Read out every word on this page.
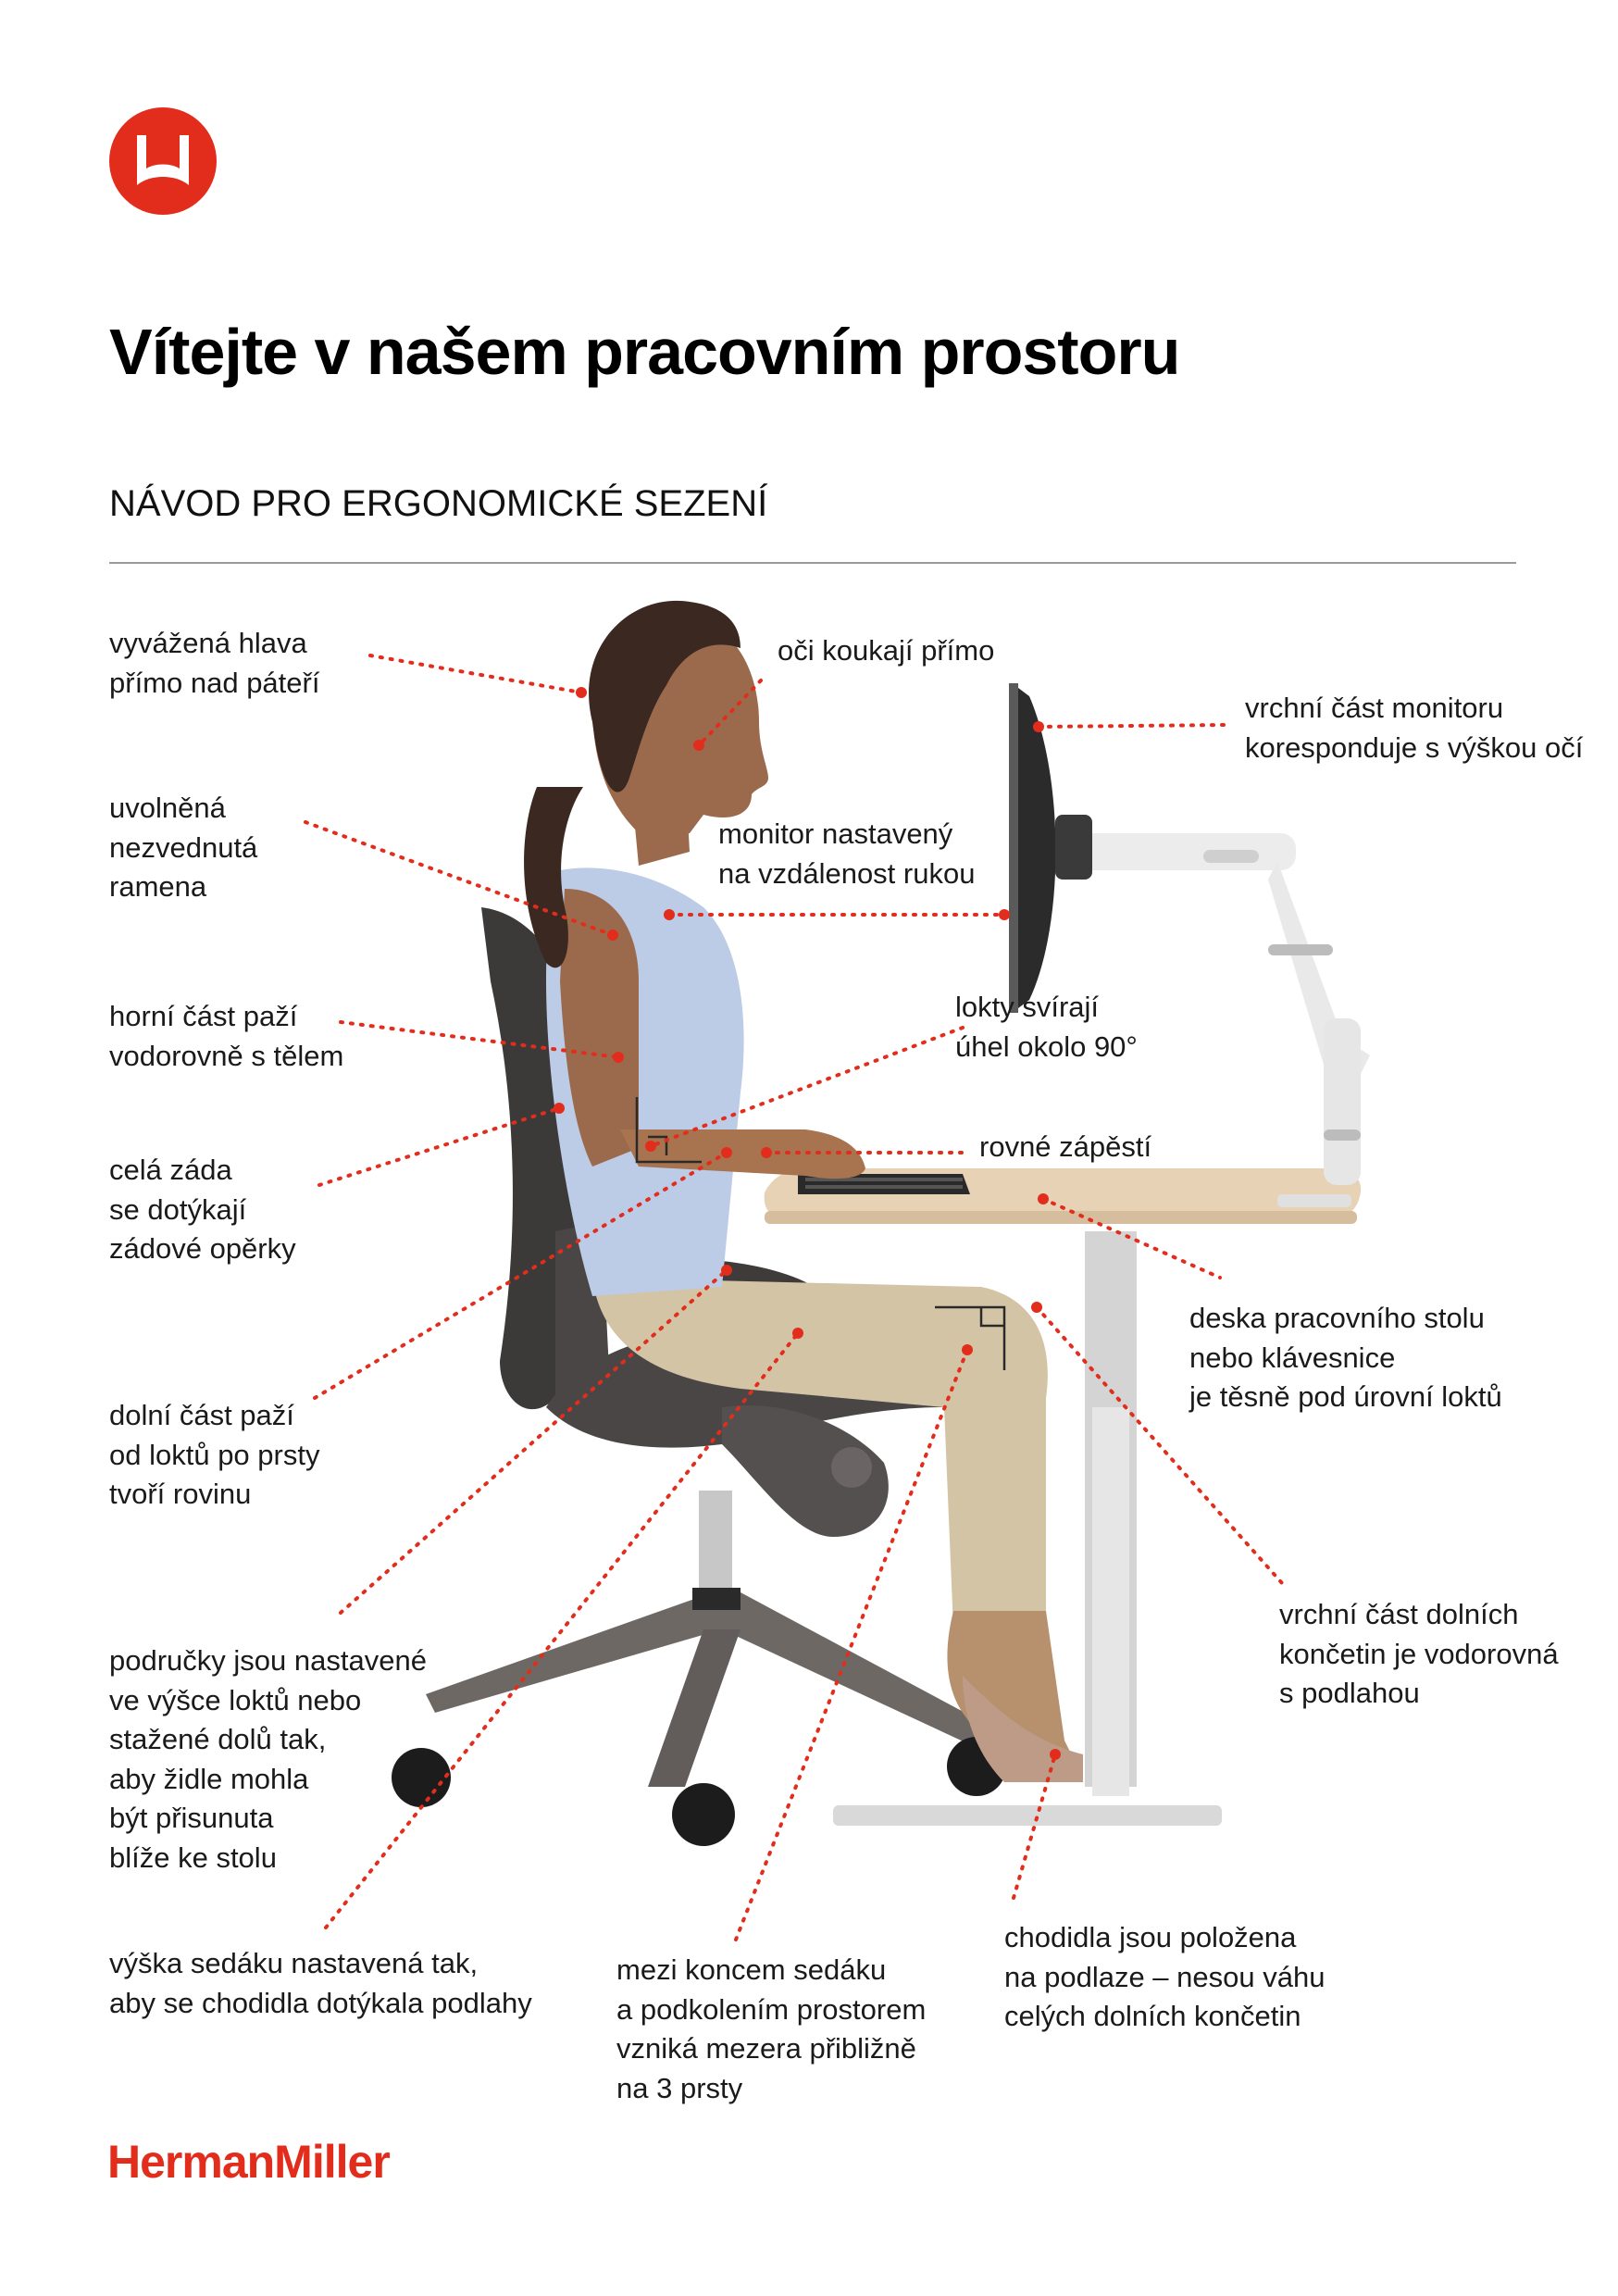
Vítejte v našem pracovním prostoru
NÁVOD PRO ERGONOMICKÉ SEZENÍ

vyvážená hlava
přímo nad páteří

oči koukají přímo

vrchní část monitoru
koresponduje s výškou očí

uvolněná
nezvednutá
ramena

monitor nastavený
na vzdálenost rukou

horní část paží
vodorovně s tělem

lokty svírají
úhel okolo 90°

rovné zápěstí

celá záda
se dotýkají
zádové opěrky

deska pracovního stolu
nebo klávesnice
je těsně pod úrovní loktů

dolní část paží
od loktů po prsty
tvoří rovinu

vrchní část dolních
končetin je vodorovná
s podlahou

područky jsou nastavené
ve výšce loktů nebo
stažené dolů tak,
aby židle mohla
být přisunuta
blíže ke stolu

výška sedáku nastavená tak,
aby se chodidla dotýkala podlahy

mezi koncem sedáku
a podkolením prostorem
vzniká mezera přibližně
na 3 prsty

chodidla jsou položena
na podlaze – nesou váhu
celých dolních končetin

HermanMiller
